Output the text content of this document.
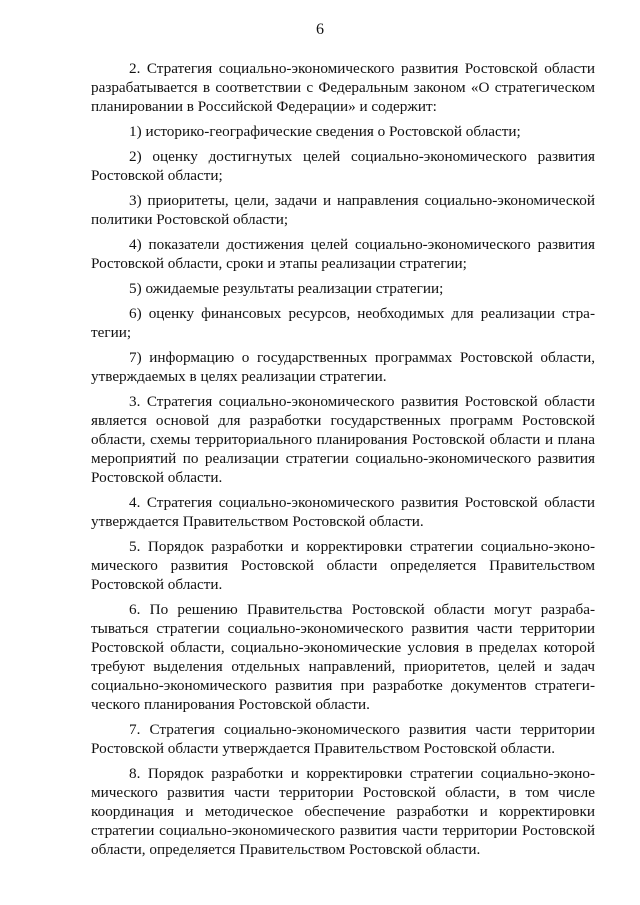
6

2. Стратегия социально-экономического развития Ростовской области разрабатывается в соответствии с Федеральным законом «О стратегическом планировании в Российской Федерации» и содержит:

1) историко-географические сведения о Ростовской области;

2) оценку достигнутых целей социально-экономического развития Ростовской области;

3) приоритеты, цели, задачи и направления социально-экономической политики Ростовской области;

4) показатели достижения целей социально-экономического развития Ростовской области, сроки и этапы реализации стратегии;

5) ожидаемые результаты реализации стратегии;

6) оценку финансовых ресурсов, необходимых для реализации стратегии;

7) информацию о государственных программах Ростовской области, утверждаемых в целях реализации стратегии.

3. Стратегия социально-экономического развития Ростовской области является основой для разработки государственных программ Ростовской области, схемы территориального планирования Ростовской области и плана мероприятий по реализации стратегии социально-экономического развития Ростовской области.

4. Стратегия социально-экономического развития Ростовской области утверждается Правительством Ростовской области.

5. Порядок разработки и корректировки стратегии социально-экономического развития Ростовской области определяется Правительством Ростовской области.

6. По решению Правительства Ростовской области могут разрабатываться стратегии социально-экономического развития части территории Ростовской области, социально-экономические условия в пределах которой требуют выделения отдельных направлений, приоритетов, целей и задач социально-экономического развития при разработке документов стратегического планирования Ростовской области.

7. Стратегия социально-экономического развития части территории Ростовской области утверждается Правительством Ростовской области.

8. Порядок разработки и корректировки стратегии социально-экономического развития части территории Ростовской области, в том числе координация и методическое обеспечение разработки и корректировки стратегии социально-экономического развития части территории Ростовской области, определяется Правительством Ростовской области.
